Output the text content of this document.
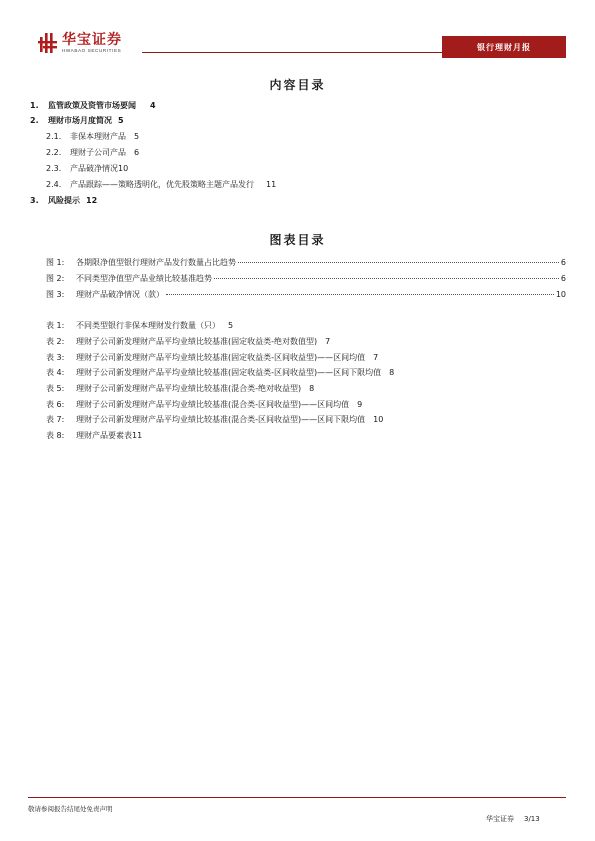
华宝证券
HWABAO SECURITIES	银行理财月报
内容目录
1. 监管政策及资管市场要闻 4
2. 理财市场月度简况 5
2.1. 非保本理财产品 5
2.2. 理财子公司产品 6
2.3. 产品破净情况10
2.4. 产品跟踪——策略透明化，优先股策略主题产品发行 11
3. 风险提示 12
图表目录
图 1:	各期限净值型银行理财产品发行数量占比趋势	6
图 2:	不同类型净值型产品业绩比较基准趋势	6
图 3:	理财产品破净情况（款）	10
表 1: 不同类型银行非保本理财发行数量（只） 5
表 2: 理财子公司新发理财产品平均业绩比较基准(固定收益类-绝对数值型) 7
表 3: 理财子公司新发理财产品平均业绩比较基准(固定收益类-区间收益型)——区间均值 7
表 4: 理财子公司新发理财产品平均业绩比较基准(固定收益类-区间收益型)——区间下限均值 8
表 5: 理财子公司新发理财产品平均业绩比较基准(混合类-绝对收益型) 8
表 6: 理财子公司新发理财产品平均业绩比较基准(混合类-区间收益型)——区间均值 9
表 7: 理财子公司新发理财产品平均业绩比较基准(混合类-区间收益型)——区间下限均值 10
表 8: 理财产品要素表11
敬请参阅报告结尾处免责声明
华宝证券 3/13
